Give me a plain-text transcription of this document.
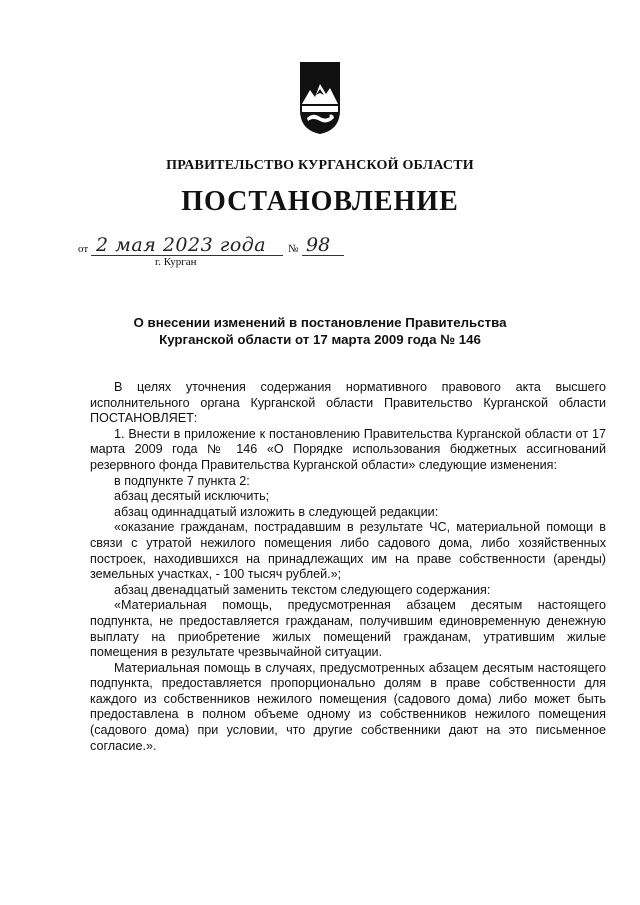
ПРАВИТЕЛЬСТВО КУРГАНСКОЙ ОБЛАСТИ
ПОСТАНОВЛЕНИЕ
от 2 мая 2023 года № 98
г. Курган
О внесении изменений в постановление Правительства
Курганской области от 17 марта 2009 года № 146

В целях уточнения содержания нормативного правового акта высшего исполнительного органа Курганской области Правительство Курганской области ПОСТАНОВЛЯЕТ:

1. Внести в приложение к постановлению Правительства Курганской области от 17 марта 2009 года № 146 «О Порядке использования бюджетных ассигнований резервного фонда Правительства Курганской области» следующие изменения:

в подпункте 7 пункта 2:

абзац десятый исключить;

абзац одиннадцатый изложить в следующей редакции:

«оказание гражданам, пострадавшим в результате ЧС, материальной помощи в связи с утратой нежилого помещения либо садового дома, либо хозяйственных построек, находившихся на принадлежащих им на праве собственности (аренды) земельных участках, - 100 тысяч рублей.»;

абзац двенадцатый заменить текстом следующего содержания:

«Материальная помощь, предусмотренная абзацем десятым настоящего подпункта, не предоставляется гражданам, получившим единовременную денежную выплату на приобретение жилых помещений гражданам, утратившим жилые помещения в результате чрезвычайной ситуации.

Материальная помощь в случаях, предусмотренных абзацем десятым настоящего подпункта, предоставляется пропорционально долям в праве собственности для каждого из собственников нежилого помещения (садового дома) либо может быть предоставлена в полном объеме одному из собственников нежилого помещения (садового дома) при условии, что другие собственники дают на это письменное согласие.».
